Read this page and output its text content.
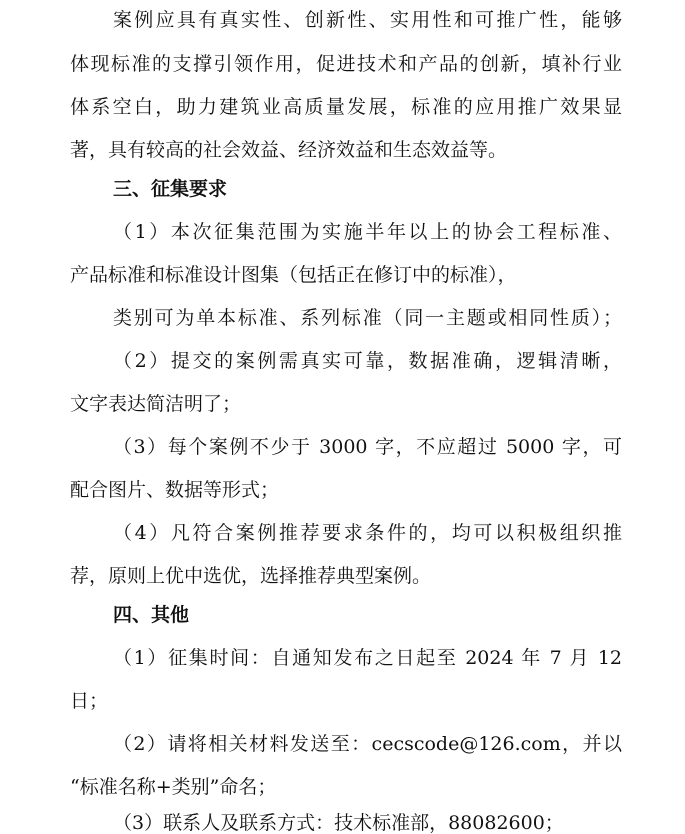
案例应具有真实性、创新性、实用性和可推广性，能够
体现标准的支撑引领作用，促进技术和产品的创新，填补行业
体系空白，助力建筑业高质量发展，标准的应用推广效果显
著，具有较高的社会效益、经济效益和生态效益等。
三、征集要求
（1）本次征集范围为实施半年以上的协会工程标准、
产品标准和标准设计图集（包括正在修订中的标准），
类别可为单本标准、系列标准（同一主题或相同性质）；
（2）提交的案例需真实可靠，数据准确，逻辑清晰，
文字表达简洁明了；
（3）每个案例不少于 3000 字，不应超过 5000 字，可
配合图片、数据等形式；
（4）凡符合案例推荐要求条件的，均可以积极组织推
荐，原则上优中选优，选择推荐典型案例。
四、其他
（1）征集时间：自通知发布之日起至 2024 年 7 月 12
日；
（2）请将相关材料发送至：cecscode@126.com，并以
“标准名称+类别”命名；
（3）联系人及联系方式：技术标准部，88082600；
